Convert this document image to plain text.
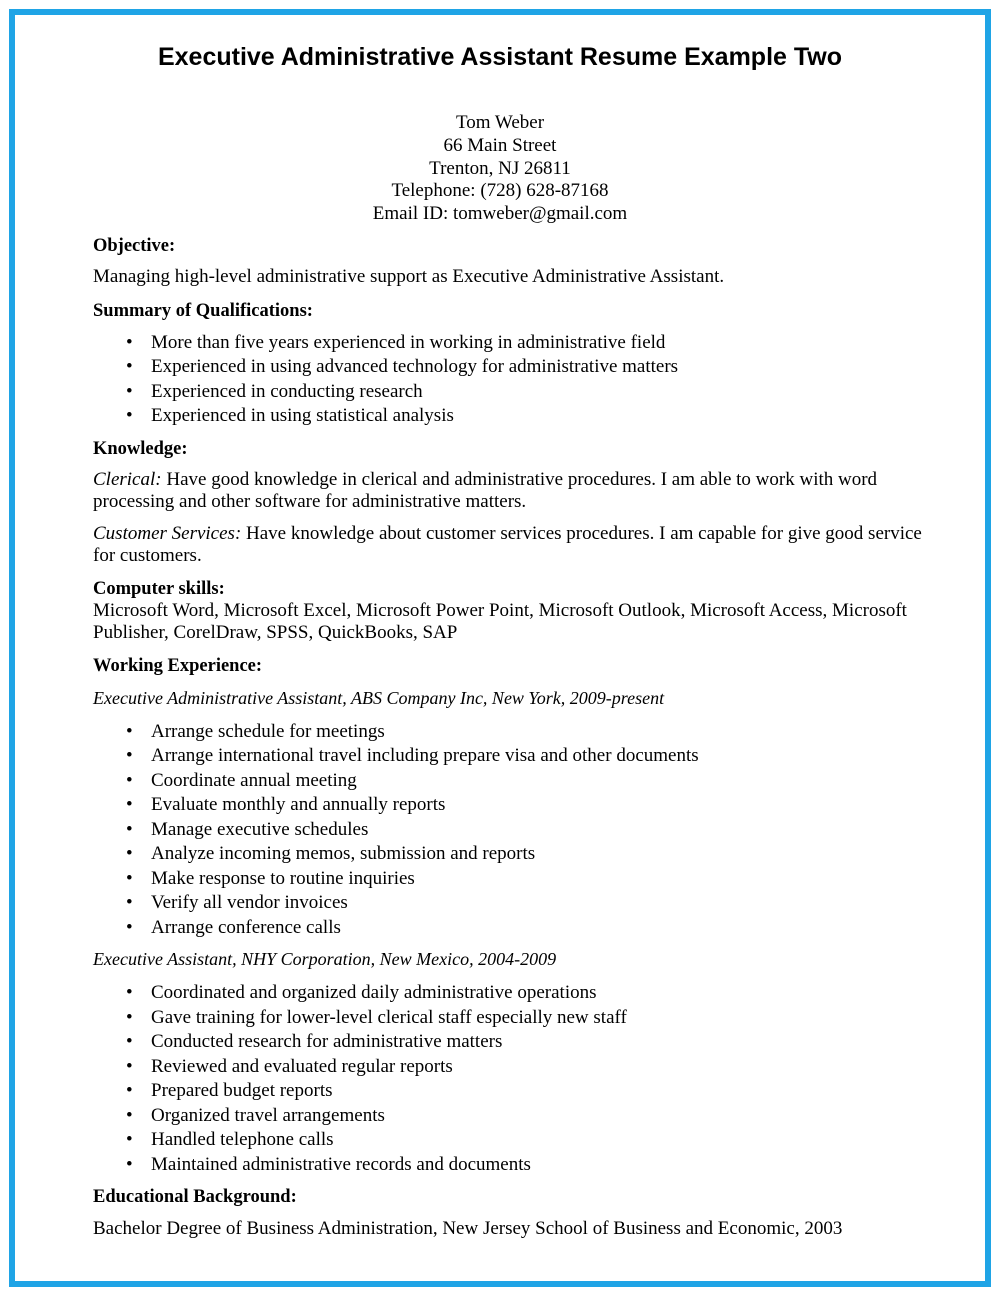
Executive Administrative Assistant Resume Example Two
Tom Weber
66 Main Street
Trenton, NJ 26811
Telephone: (728) 628-87168
Email ID: tomweber@gmail.com
Objective:
Managing high-level administrative support as Executive Administrative Assistant.
Summary of Qualifications:
• More than five years experienced in working in administrative field
• Experienced in using advanced technology for administrative matters
• Experienced in conducting research
• Experienced in using statistical analysis
Knowledge:
Clerical: Have good knowledge in clerical and administrative procedures. I am able to work with word processing and other software for administrative matters.
Customer Services: Have knowledge about customer services procedures. I am capable for give good service for customers.
Computer skills:
Microsoft Word, Microsoft Excel, Microsoft Power Point, Microsoft Outlook, Microsoft Access, Microsoft Publisher, CorelDraw, SPSS, QuickBooks, SAP
Working Experience:
Executive Administrative Assistant, ABS Company Inc, New York, 2009-present
• Arrange schedule for meetings
• Arrange international travel including prepare visa and other documents
• Coordinate annual meeting
• Evaluate monthly and annually reports
• Manage executive schedules
• Analyze incoming memos, submission and reports
• Make response to routine inquiries
• Verify all vendor invoices
• Arrange conference calls
Executive Assistant, NHY Corporation, New Mexico, 2004-2009
• Coordinated and organized daily administrative operations
• Gave training for lower-level clerical staff especially new staff
• Conducted research for administrative matters
• Reviewed and evaluated regular reports
• Prepared budget reports
• Organized travel arrangements
• Handled telephone calls
• Maintained administrative records and documents
Educational Background:
Bachelor Degree of Business Administration, New Jersey School of Business and Economic, 2003
